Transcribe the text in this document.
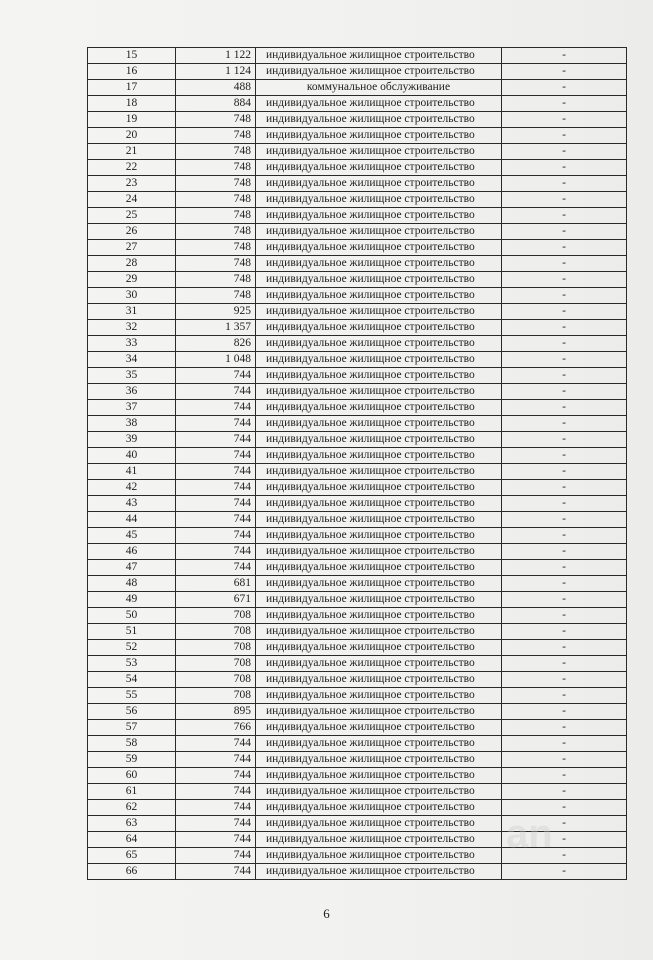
15	1 122	индивидуальное жилищное строительство	-
16	1 124	индивидуальное жилищное строительство	-
17	488	коммунальное обслуживание	-
18	884	индивидуальное жилищное строительство	-
19	748	индивидуальное жилищное строительство	-
20	748	индивидуальное жилищное строительство	-
21	748	индивидуальное жилищное строительство	-
22	748	индивидуальное жилищное строительство	-
23	748	индивидуальное жилищное строительство	-
24	748	индивидуальное жилищное строительство	-
25	748	индивидуальное жилищное строительство	-
26	748	индивидуальное жилищное строительство	-
27	748	индивидуальное жилищное строительство	-
28	748	индивидуальное жилищное строительство	-
29	748	индивидуальное жилищное строительство	-
30	748	индивидуальное жилищное строительство	-
31	925	индивидуальное жилищное строительство	-
32	1 357	индивидуальное жилищное строительство	-
33	826	индивидуальное жилищное строительство	-
34	1 048	индивидуальное жилищное строительство	-
35	744	индивидуальное жилищное строительство	-
36	744	индивидуальное жилищное строительство	-
37	744	индивидуальное жилищное строительство	-
38	744	индивидуальное жилищное строительство	-
39	744	индивидуальное жилищное строительство	-
40	744	индивидуальное жилищное строительство	-
41	744	индивидуальное жилищное строительство	-
42	744	индивидуальное жилищное строительство	-
43	744	индивидуальное жилищное строительство	-
44	744	индивидуальное жилищное строительство	-
45	744	индивидуальное жилищное строительство	-
46	744	индивидуальное жилищное строительство	-
47	744	индивидуальное жилищное строительство	-
48	681	индивидуальное жилищное строительство	-
49	671	индивидуальное жилищное строительство	-
50	708	индивидуальное жилищное строительство	-
51	708	индивидуальное жилищное строительство	-
52	708	индивидуальное жилищное строительство	-
53	708	индивидуальное жилищное строительство	-
54	708	индивидуальное жилищное строительство	-
55	708	индивидуальное жилищное строительство	-
56	895	индивидуальное жилищное строительство	-
57	766	индивидуальное жилищное строительство	-
58	744	индивидуальное жилищное строительство	-
59	744	индивидуальное жилищное строительство	-
60	744	индивидуальное жилищное строительство	-
61	744	индивидуальное жилищное строительство	-
62	744	индивидуальное жилищное строительство	-
63	744	индивидуальное жилищное строительство	-
64	744	индивидуальное жилищное строительство	-
65	744	индивидуальное жилищное строительство	-
66	744	индивидуальное жилищное строительство	-
6
an
